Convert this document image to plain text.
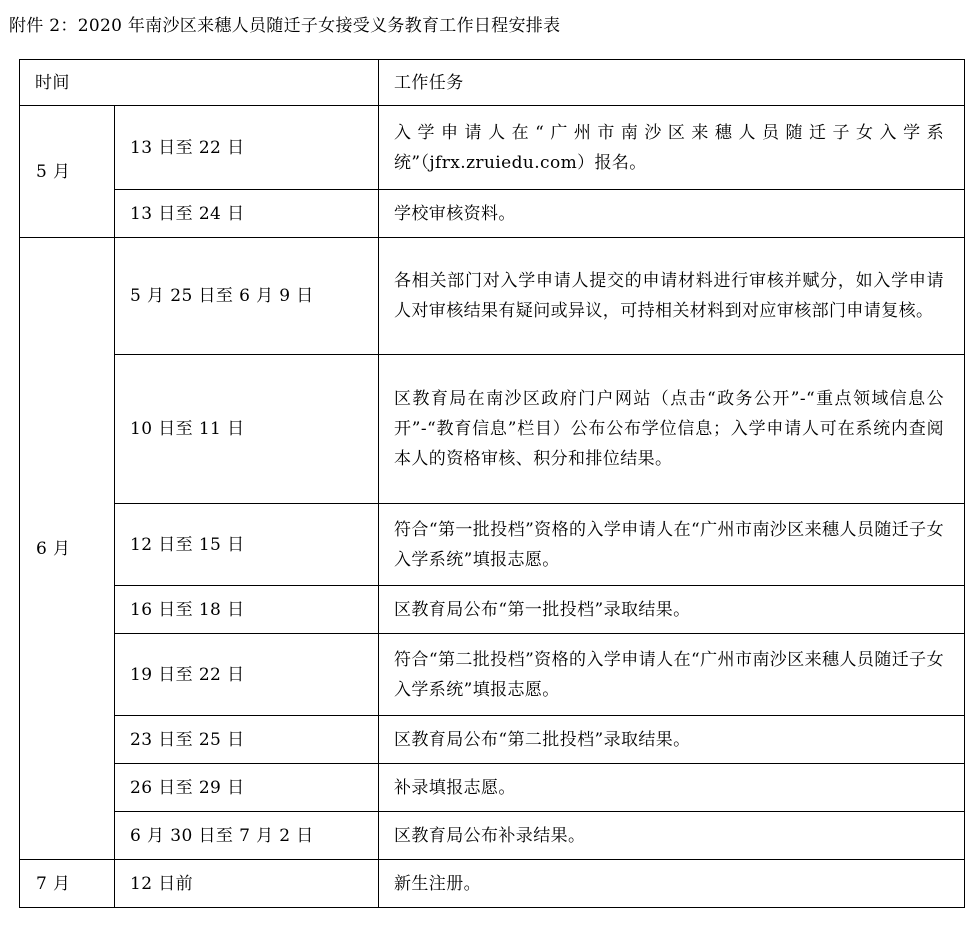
附件 2：2020 年南沙区来穗人员随迁子女接受义务教育工作日程安排表
时间		工作任务
5 月	13 日至 22 日	入学申请人在“广州市南沙区来穗人员随迁子女入学系统”（jfrx.zruiedu.com）报名。
	13 日至 24 日	学校审核资料。
6 月	5 月 25 日至 6 月 9 日	各相关部门对入学申请人提交的申请材料进行审核并赋分，如入学申请人对审核结果有疑问或异议，可持相关材料到对应审核部门申请复核。
	10 日至 11 日	区教育局在南沙区政府门户网站（点击“政务公开”-“重点领域信息公开”-“教育信息”栏目）公布公布学位信息；入学申请人可在系统内查阅本人的资格审核、积分和排位结果。
	12 日至 15 日	符合“第一批投档”资格的入学申请人在“广州市南沙区来穗人员随迁子女入学系统”填报志愿。
	16 日至 18 日	区教育局公布“第一批投档”录取结果。
	19 日至 22 日	符合“第二批投档”资格的入学申请人在“广州市南沙区来穗人员随迁子女入学系统”填报志愿。
	23 日至 25 日	区教育局公布“第二批投档”录取结果。
	26 日至 29 日	补录填报志愿。
	6 月 30 日至 7 月 2 日	区教育局公布补录结果。
7 月	12 日前	新生注册。
